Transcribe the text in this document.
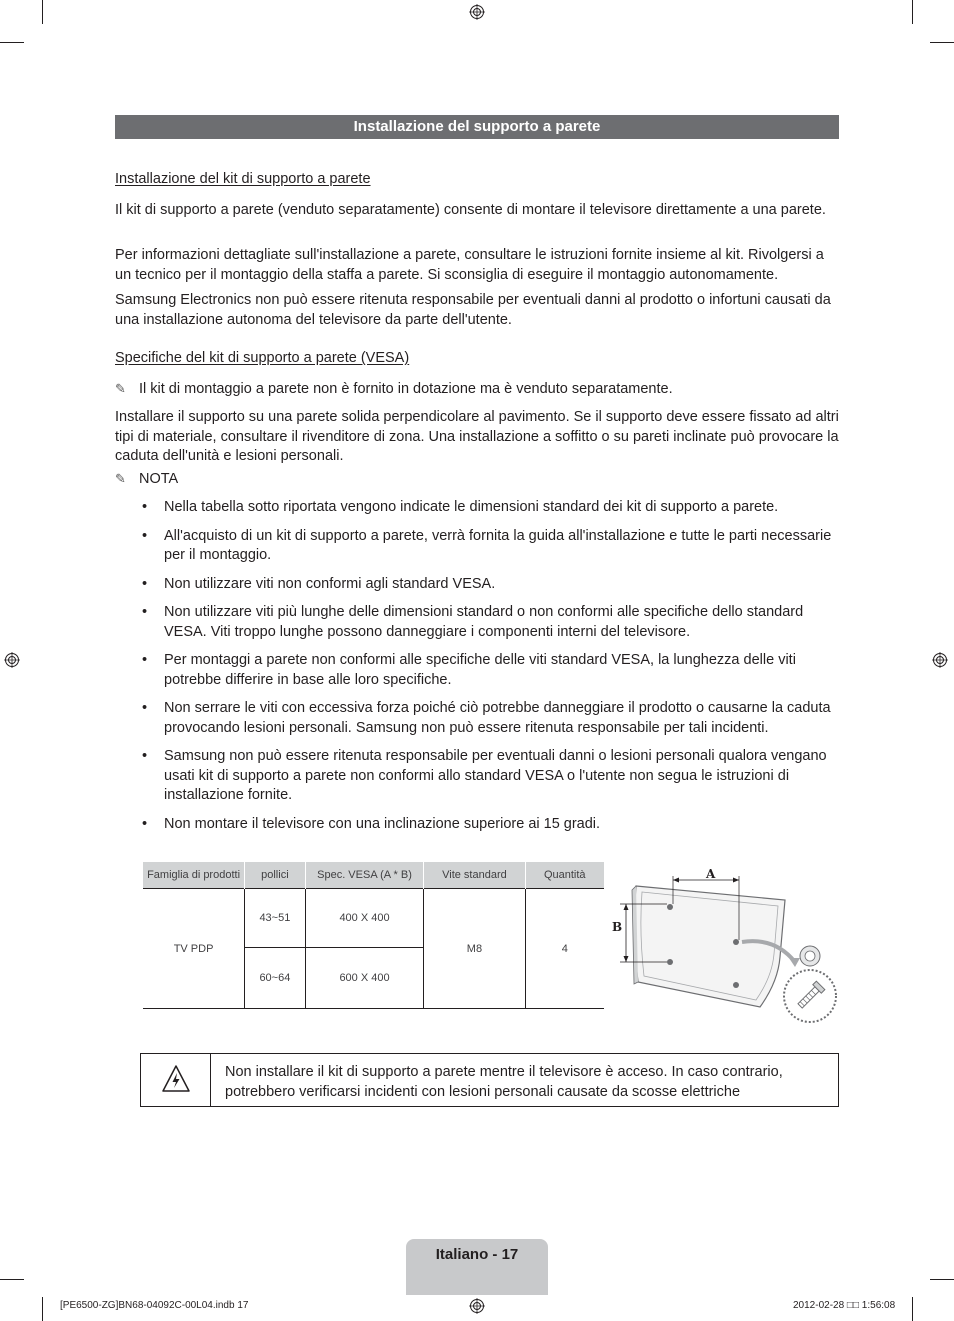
Installazione del supporto a parete
Installazione del kit di supporto a parete
Il kit di supporto a parete (venduto separatamente) consente di montare il televisore direttamente a una parete.
Per informazioni dettagliate sull'installazione a parete, consultare le istruzioni fornite insieme al kit. Rivolgersi a un tecnico per il montaggio della staffa a parete. Si sconsiglia di eseguire il montaggio autonomamente.
Samsung Electronics non può essere ritenuta responsabile per eventuali danni al prodotto o infortuni causati da una installazione autonoma del televisore da parte dell'utente.
Specifiche del kit di supporto a parete (VESA)
✎ Il kit di montaggio a parete non è fornito in dotazione ma è venduto separatamente.
Installare il supporto su una parete solida perpendicolare al pavimento. Se il supporto deve essere fissato ad altri tipi di materiale, consultare il rivenditore di zona. Una installazione a soffitto o su pareti inclinate può provocare la caduta dell'unità e lesioni personali.
✎ NOTA
• Nella tabella sotto riportata vengono indicate le dimensioni standard dei kit di supporto a parete.
• All'acquisto di un kit di supporto a parete, verrà fornita la guida all'installazione e tutte le parti necessarie per il montaggio.
• Non utilizzare viti non conformi agli standard VESA.
• Non utilizzare viti più lunghe delle dimensioni standard o non conformi alle specifiche dello standard VESA. Viti troppo lunghe possono danneggiare i componenti interni del televisore.
• Per montaggi a parete non conformi alle specifiche delle viti standard VESA, la lunghezza delle viti potrebbe differire in base alle loro specifiche.
• Non serrare le viti con eccessiva forza poiché ciò potrebbe danneggiare il prodotto o causarne la caduta provocando lesioni personali. Samsung non può essere ritenuta responsabile per tali incidenti.
• Samsung non può essere ritenuta responsabile per eventuali danni o lesioni personali qualora vengano usati kit di supporto a parete non conformi allo standard VESA o l'utente non segua le istruzioni di installazione fornite.
• Non montare il televisore con una inclinazione superiore ai 15 gradi.
Famiglia di prodotti	pollici	Spec. VESA (A * B)	Vite standard	Quantità
TV PDP	43~51	400 X 400	M8	4
	60~64	600 X 400		
A
B
Non installare il kit di supporto a parete mentre il televisore è acceso. In caso contrario, potrebbero verificarsi incidenti con lesioni personali causate da scosse elettriche
Italiano - 17
[PE6500-ZG]BN68-04092C-00L04.indb 17	2012-02-28 □□ 1:56:08
